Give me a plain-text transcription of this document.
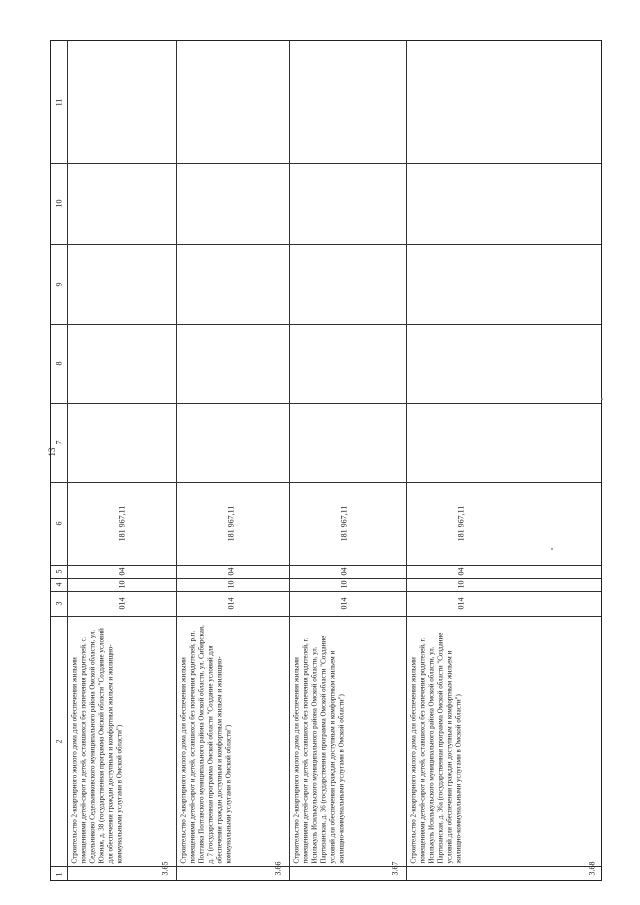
13
1
2
3
4
5
6
7
8
9
10
11
3.65
Строительство 2-квартирного жилого дома для обеспечения жилыми помещениями детей-сирот и детей, оставшихся без попечения родителей, с. Седельниково Седельниковского муниципального района Омской области, ул. Южная, д. 38 (государственная программа Омской области "Создание условий для обеспечения граждан доступным и комфортным жильем и жилищно-коммунальными услугами в Омской области")
014
10
04
181 967,11
3.66
Строительство 2-квартирного жилого дома для обеспечения жилыми помещениями детей-сирот и детей, оставшихся без попечения родителей, р.п. Полтавка Полтавского муниципального района Омской области, ул. Сибирская, д. 7 (государственная программа Омской области "Создание условий для обеспечения граждан доступным и комфортным жильем и жилищно-коммунальными услугами в Омской области")
014
10
04
181 967,11
3.67
Строительство 2-квартирного жилого дома для обеспечения жилыми помещениями детей-сирот и детей, оставшихся без попечения родителей, г. Исилькуль Исилькульского муниципального района Омской области, ул. Партизанская, д. 36 (государственная программа Омской области "Создание условий для обеспечения граждан доступным и комфортным жильем и жилищно-коммунальными услугами в Омской области")
014
10
04
181 967,11
3.68
Строительство 2-квартирного жилого дома для обеспечения жилыми помещениями детей-сирот и детей, оставшихся без попечения родителей, г. Исилькуль Исилькульского муниципального района Омской области, ул. Партизанская, д. 36а (государственная программа Омской области "Создание условий для обеспечения граждан доступным и комфортным жильем и жилищно-коммунальными услугами в Омской области")
014
10
04
181 967,11
